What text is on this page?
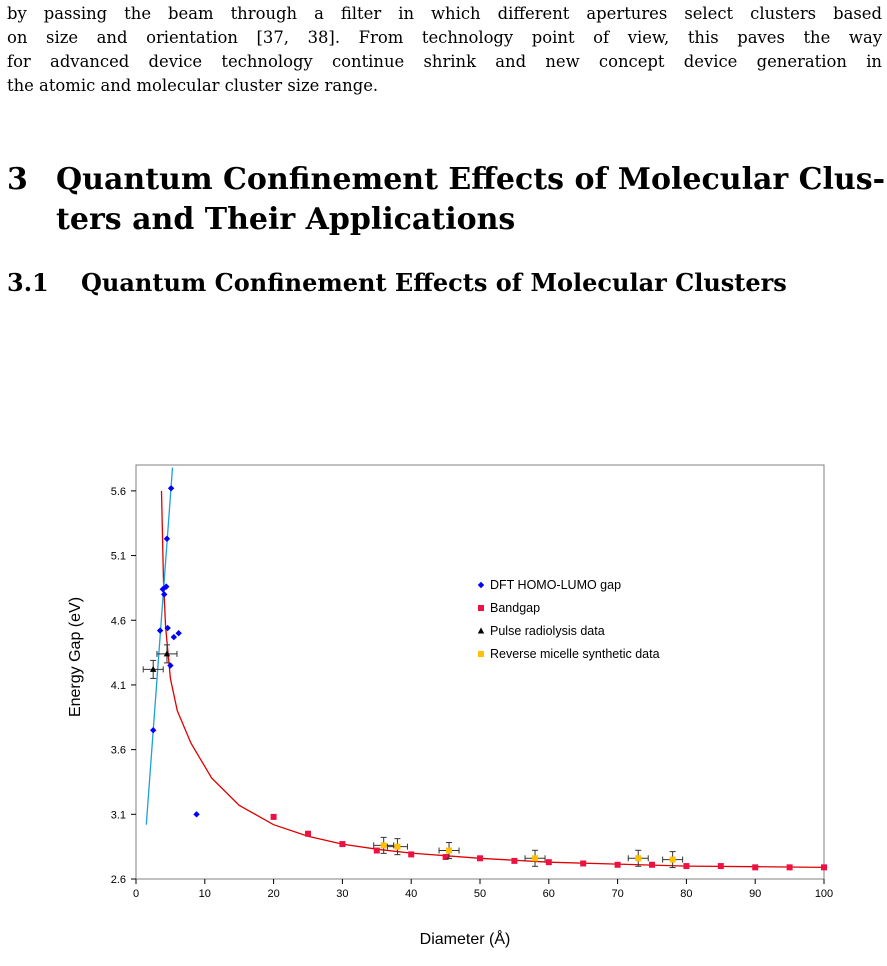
by passing the beam through a filter in which different apertures select clusters based
on size and orientation [37, 38]. From technology point of view, this paves the way
for advanced device technology continue shrink and new concept device generation in
the atomic and molecular cluster size range.
3 Quantum Confinement Effects of Molecular Clus-
ters and Their Applications
3.1 Quantum Confinement Effects of Molecular Clusters
2.6
3.1
3.6
4.1
4.6
5.1
5.6
0	10	20	30	40	50	60	70	80	90	100
Diameter (Å)
Energy Gap (eV)
DFT HOMO-LUMO gap
Bandgap
Pulse radiolysis data
Reverse micelle synthetic data
